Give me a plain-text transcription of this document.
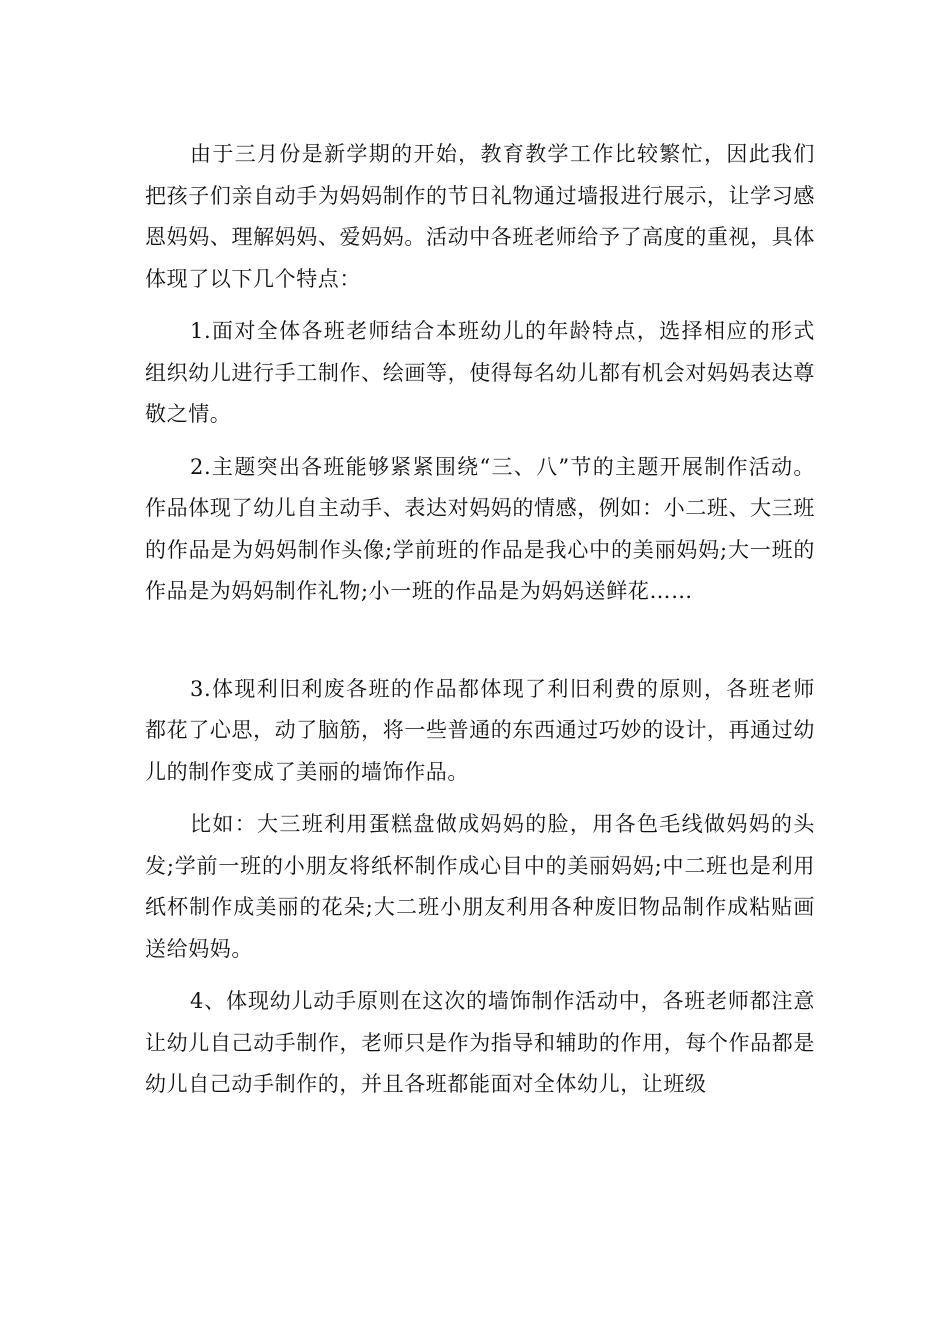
由于三月份是新学期的开始，教育教学工作比较繁忙，因此我们把孩子们亲自动手为妈妈制作的节日礼物通过墙报进行展示，让学习感恩妈妈、理解妈妈、爱妈妈。活动中各班老师给予了高度的重视，具体体现了以下几个特点：

1.面对全体各班老师结合本班幼儿的年龄特点，选择相应的形式组织幼儿进行手工制作、绘画等，使得每名幼儿都有机会对妈妈表达尊敬之情。

2.主题突出各班能够紧紧围绕“三、八”节的主题开展制作活动。作品体现了幼儿自主动手、表达对妈妈的情感，例如：小二班、大三班的作品是为妈妈制作头像;学前班的作品是我心中的美丽妈妈;大一班的作品是为妈妈制作礼物;小一班的作品是为妈妈送鲜花……

3.体现利旧利废各班的作品都体现了利旧利费的原则，各班老师都花了心思，动了脑筋，将一些普通的东西通过巧妙的设计，再通过幼儿的制作变成了美丽的墙饰作品。

比如：大三班利用蛋糕盘做成妈妈的脸，用各色毛线做妈妈的头发;学前一班的小朋友将纸杯制作成心目中的美丽妈妈;中二班也是利用纸杯制作成美丽的花朵;大二班小朋友利用各种废旧物品制作成粘贴画送给妈妈。

4、体现幼儿动手原则在这次的墙饰制作活动中，各班老师都注意让幼儿自己动手制作，老师只是作为指导和辅助的作用，每个作品都是幼儿自己动手制作的，并且各班都能面对全体幼儿，让班级
